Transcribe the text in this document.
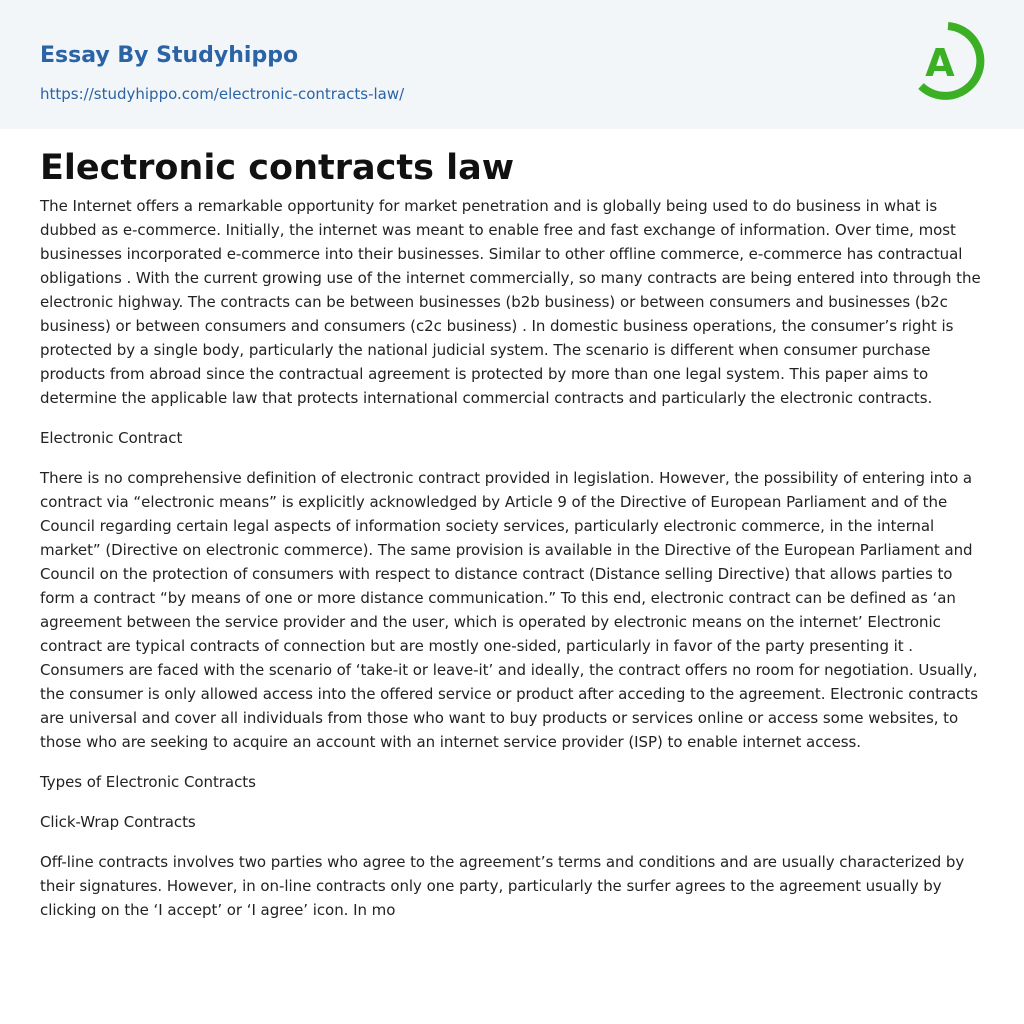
Essay By Studyhippo
https://studyhippo.com/electronic-contracts-law/
A
Electronic contracts law

The Internet offers a remarkable opportunity for market penetration and is globally being used to do business in what is dubbed as e-commerce. Initially, the internet was meant to enable free and fast exchange of information. Over time, most businesses incorporated e-commerce into their businesses. Similar to other offline commerce, e-commerce has contractual obligations . With the current growing use of the internet commercially, so many contracts are being entered into through the electronic highway. The contracts can be between businesses (b2b business) or between consumers and businesses (b2c business) or between consumers and consumers (c2c business) . In domestic business operations, the consumer’s right is protected by a single body, particularly the national judicial system. The scenario is different when consumer purchase products from abroad since the contractual agreement is protected by more than one legal system. This paper aims to determine the applicable law that protects international commercial contracts and particularly the electronic contracts.

Electronic Contract

There is no comprehensive definition of electronic contract provided in legislation. However, the possibility of entering into a contract via “electronic means” is explicitly acknowledged by Article 9 of the Directive of European Parliament and of the Council regarding certain legal aspects of information society services, particularly electronic commerce, in the internal market” (Directive on electronic commerce). The same provision is available in the Directive of the European Parliament and Council on the protection of consumers with respect to distance contract (Distance selling Directive) that allows parties to form a contract “by means of one or more distance communication.” To this end, electronic contract can be defined as ‘an agreement between the service provider and the user, which is operated by electronic means on the internet’ Electronic contract are typical contracts of connection but are mostly one-sided, particularly in favor of the party presenting it . Consumers are faced with the scenario of ‘take-it or leave-it’ and ideally, the contract offers no room for negotiation. Usually, the consumer is only allowed access into the offered service or product after acceding to the agreement. Electronic contracts are universal and cover all individuals from those who want to buy products or services online or access some websites, to those who are seeking to acquire an account with an internet service provider (ISP) to enable internet access.

Types of Electronic Contracts

Click-Wrap Contracts

Off-line contracts involves two parties who agree to the agreement’s terms and conditions and are usually characterized by their signatures. However, in on-line contracts only one party, particularly the surfer agrees to the agreement usually by clicking on the ‘I accept’ or ‘I agree’ icon. In mo
